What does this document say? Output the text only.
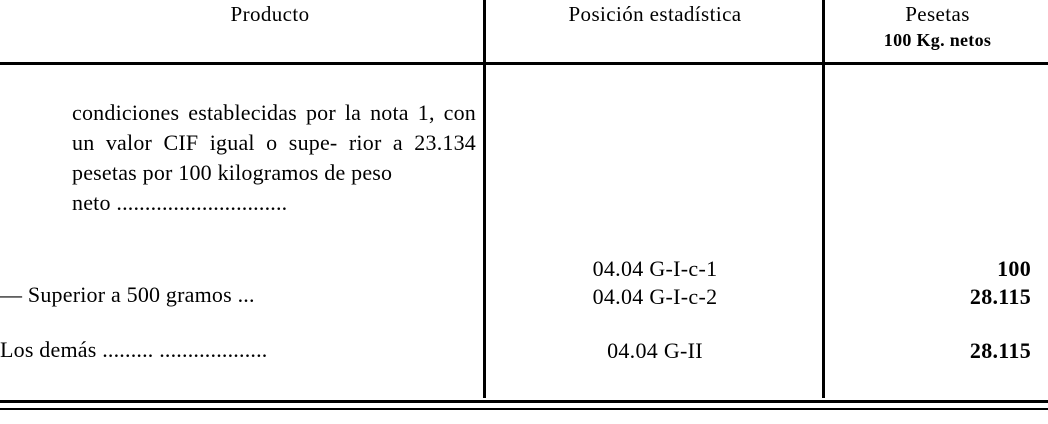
Producto	Posición estadística	Pesetas
100 Kg. netos
condiciones establecidas por la nota 1, con un valor CIF igual o supe- rior a 23.134 pesetas por 100 kilogramos de peso
neto ..............................
— Superior a 500 gramos ...
Los demás ......... ...................
04.04 G-I-c-1
04.04 G-I-c-2
04.04 G-II
100
28.115
28.115
